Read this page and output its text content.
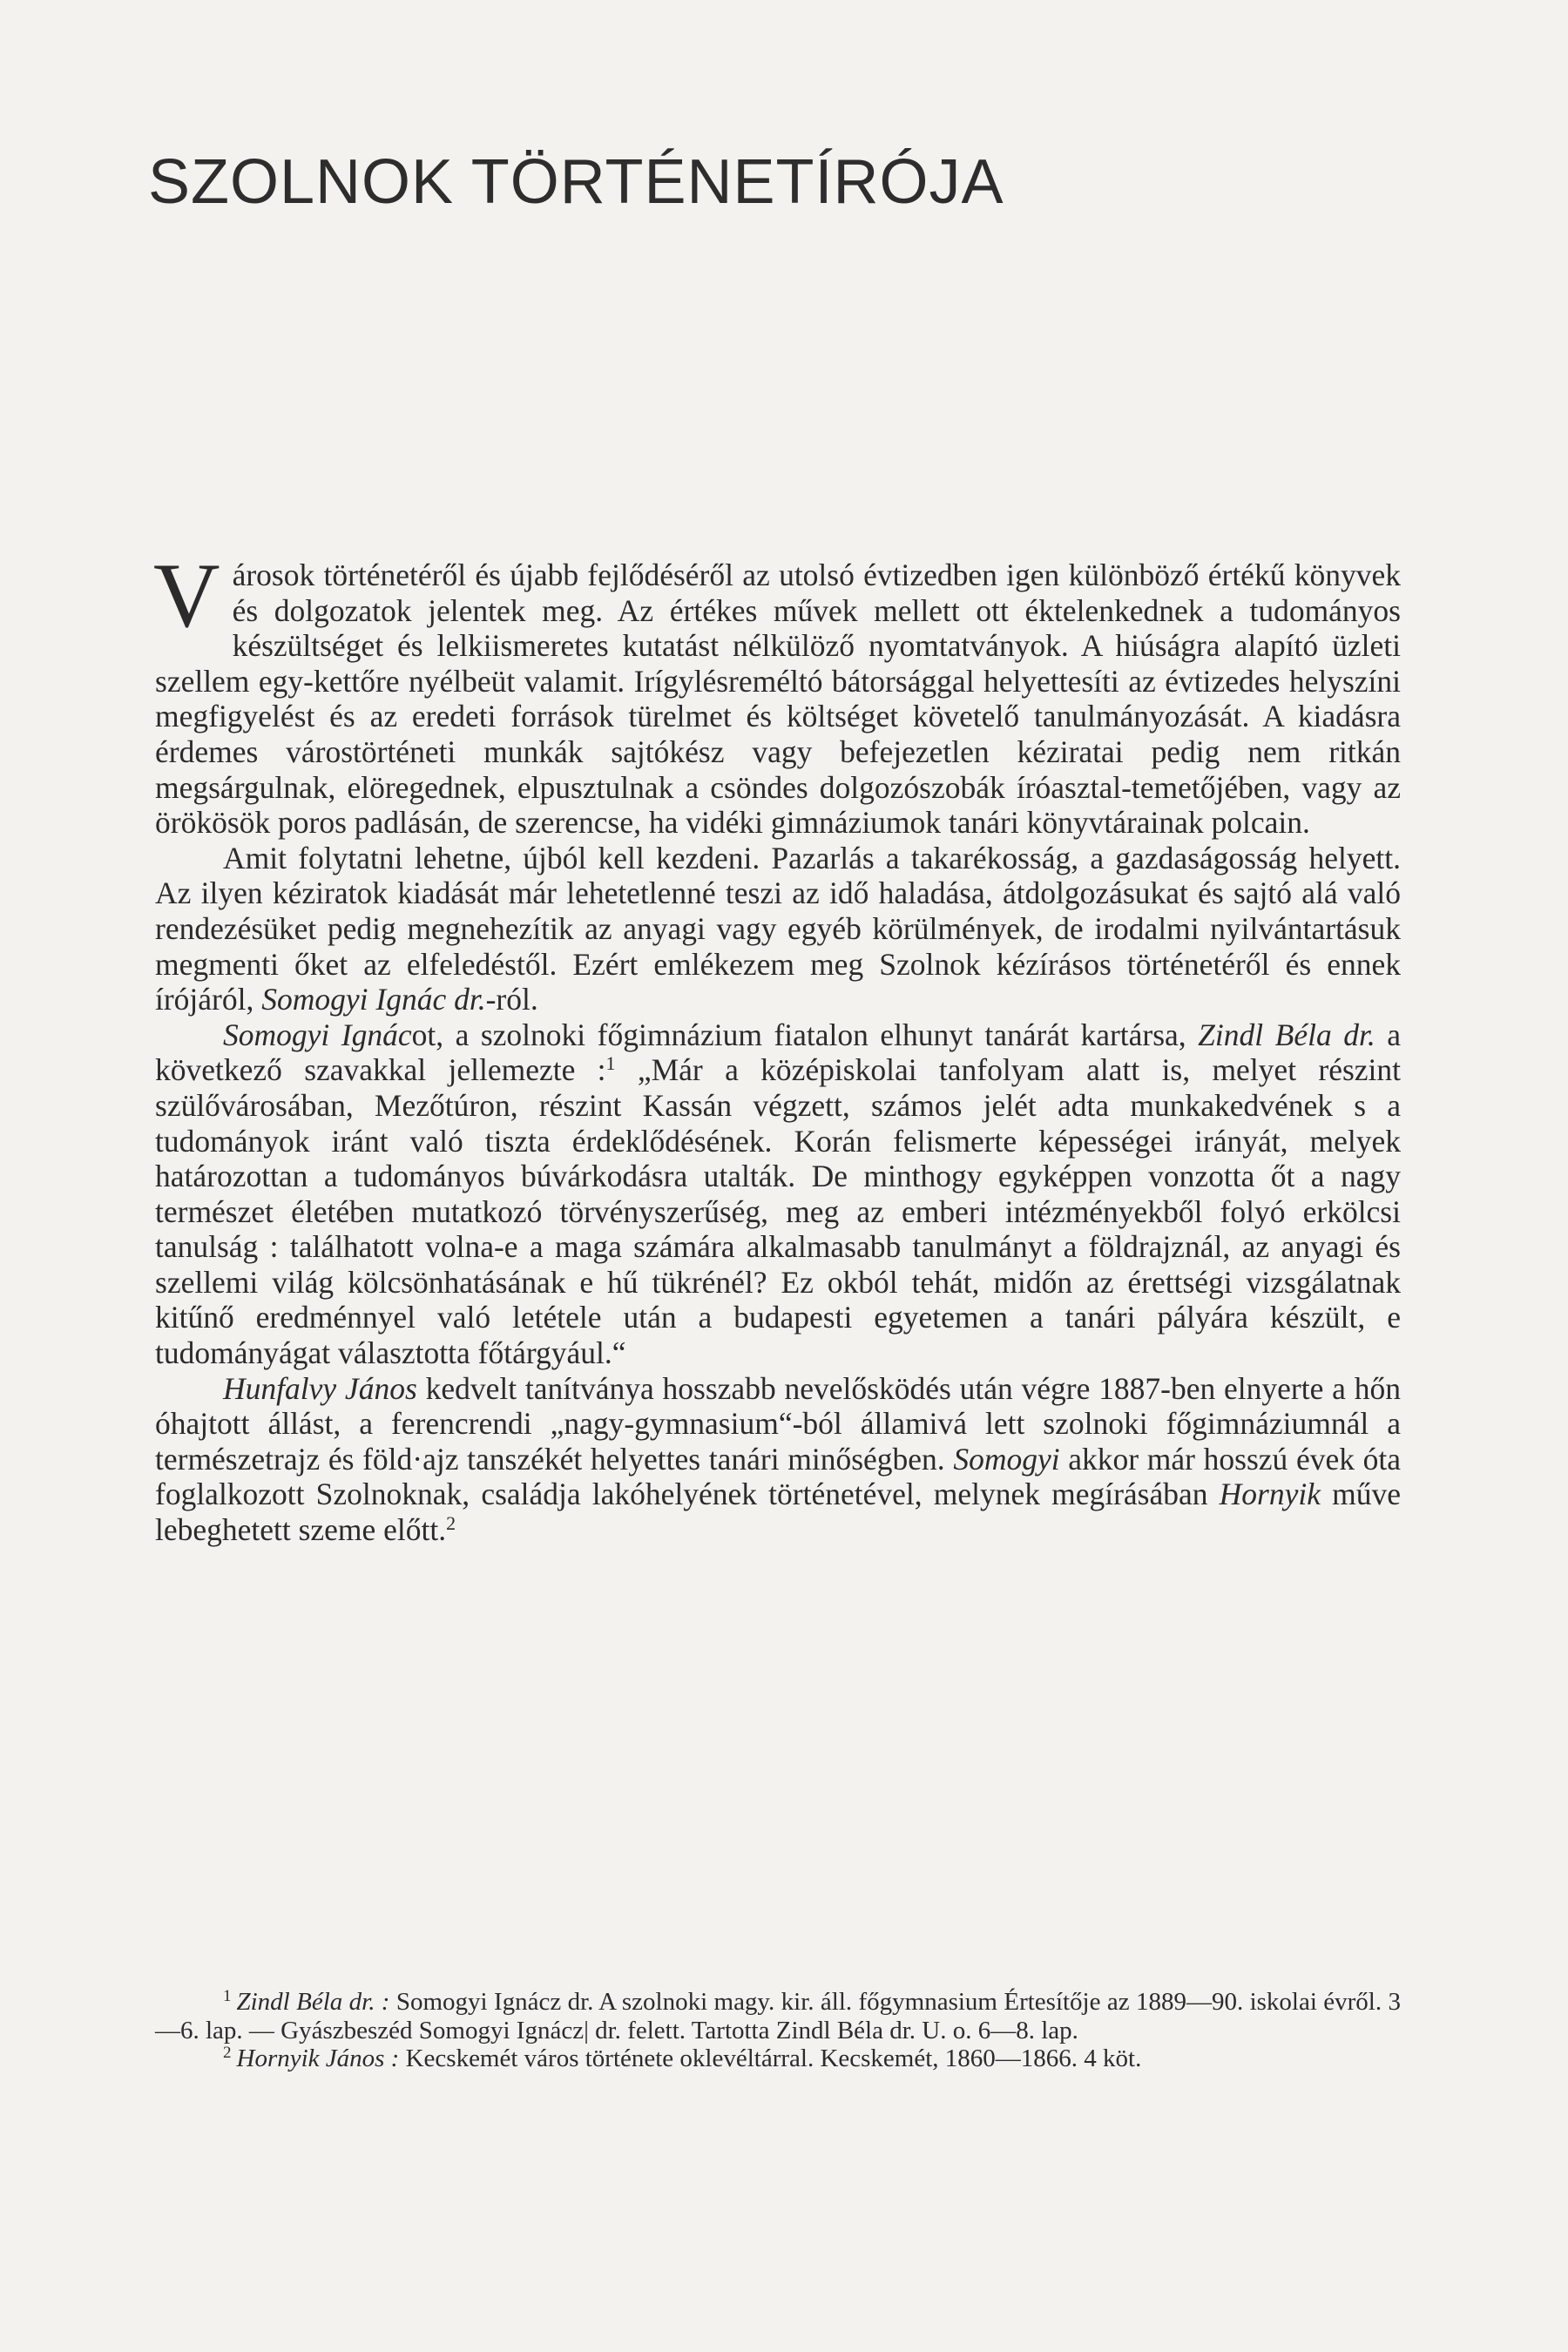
SZOLNOK TÖRTÉNETÍRÓJA

Városok történetéről és újabb fejlődéséről az utolsó évtizedben igen különböző értékű könyvek és dolgozatok jelentek meg. Az értékes művek mellett ott éktelenkednek a tudományos készültséget és lelkiismeretes kutatást nélkülöző nyomtatványok. A hiúságra alapító üzleti szellem egy-kettőre nyélbeüt valamit. Irígylésreméltó bátorsággal helyettesíti az évtizedes helyszíni megfigyelést és az eredeti források türelmet és költséget követelő tanulmányozását. A kiadásra érdemes várostörténeti munkák sajtókész vagy befejezetlen kéziratai pedig nem ritkán megsárgulnak, elöregednek, elpusztulnak a csöndes dolgozószobák íróasztal-temetőjében, vagy az örökösök poros padlásán, de szerencse, ha vidéki gimnáziumok tanári könyvtárainak polcain.

Amit folytatni lehetne, újból kell kezdeni. Pazarlás a takarékosság, a gazdaságosság helyett. Az ilyen kéziratok kiadását már lehetetlenné teszi az idő haladása, átdolgozásukat és sajtó alá való rendezésüket pedig megnehezítik az anyagi vagy egyéb körülmények, de irodalmi nyilvántartásuk megmenti őket az elfeledéstől. Ezért emlékezem meg Szolnok kézírásos történetéről és ennek írójáról, Somogyi Ignác dr.-ról.

Somogyi Ignácot, a szolnoki főgimnázium fiatalon elhunyt tanárát kartársa, Zindl Béla dr. a következő szavakkal jellemezte :$^1$ „Már a középiskolai tanfolyam alatt is, melyet részint szülővárosában, Mezőtúron, részint Kassán végzett, számos jelét adta munkakedvének s a tudományok iránt való tiszta érdeklődésének. Korán felismerte képességei irányát, melyek határozottan a tudományos búvárkodásra utalták. De minthogy egyképpen vonzotta őt a nagy természet életében mutatkozó törvényszerűség, meg az emberi intézményekből folyó erkölcsi tanulság : találhatott volna-e a maga számára alkalmasabb tanulmányt a földrajznál, az anyagi és szellemi világ kölcsönhatásának e hű tükrénél? Ez okból tehát, midőn az érettségi vizsgálatnak kitűnő eredménnyel való letétele után a budapesti egyetemen a tanári pályára készült, e tudományágat választotta főtárgyául.“

Hunfalvy János kedvelt tanítványa hosszabb nevelősködés után végre 1887-ben elnyerte a hőn óhajtott állást, a ferencrendi „nagy-gymnasium“-ból államivá lett szolnoki főgimnáziumnál a természetrajz és föld·ajz tanszékét helyettes tanári minőségben. Somogyi akkor már hosszú évek óta foglalkozott Szolnoknak, családja lakóhelyének történetével, melynek megírásában Hornyik műve lebeghetett szeme előtt.$^2$

$^1$ Zindl Béla dr. : Somogyi Ignácz dr. A szolnoki magy. kir. áll. főgymnasium Értesítője az 1889—90. iskolai évről. 3—6. lap. — Gyászbeszéd Somogyi Ignácz| dr. felett. Tartotta Zindl Béla dr. U. o. 6—8. lap.

$^2$ Hornyik János : Kecskemét város története oklevéltárral. Kecskemét, 1860—1866. 4 köt.
